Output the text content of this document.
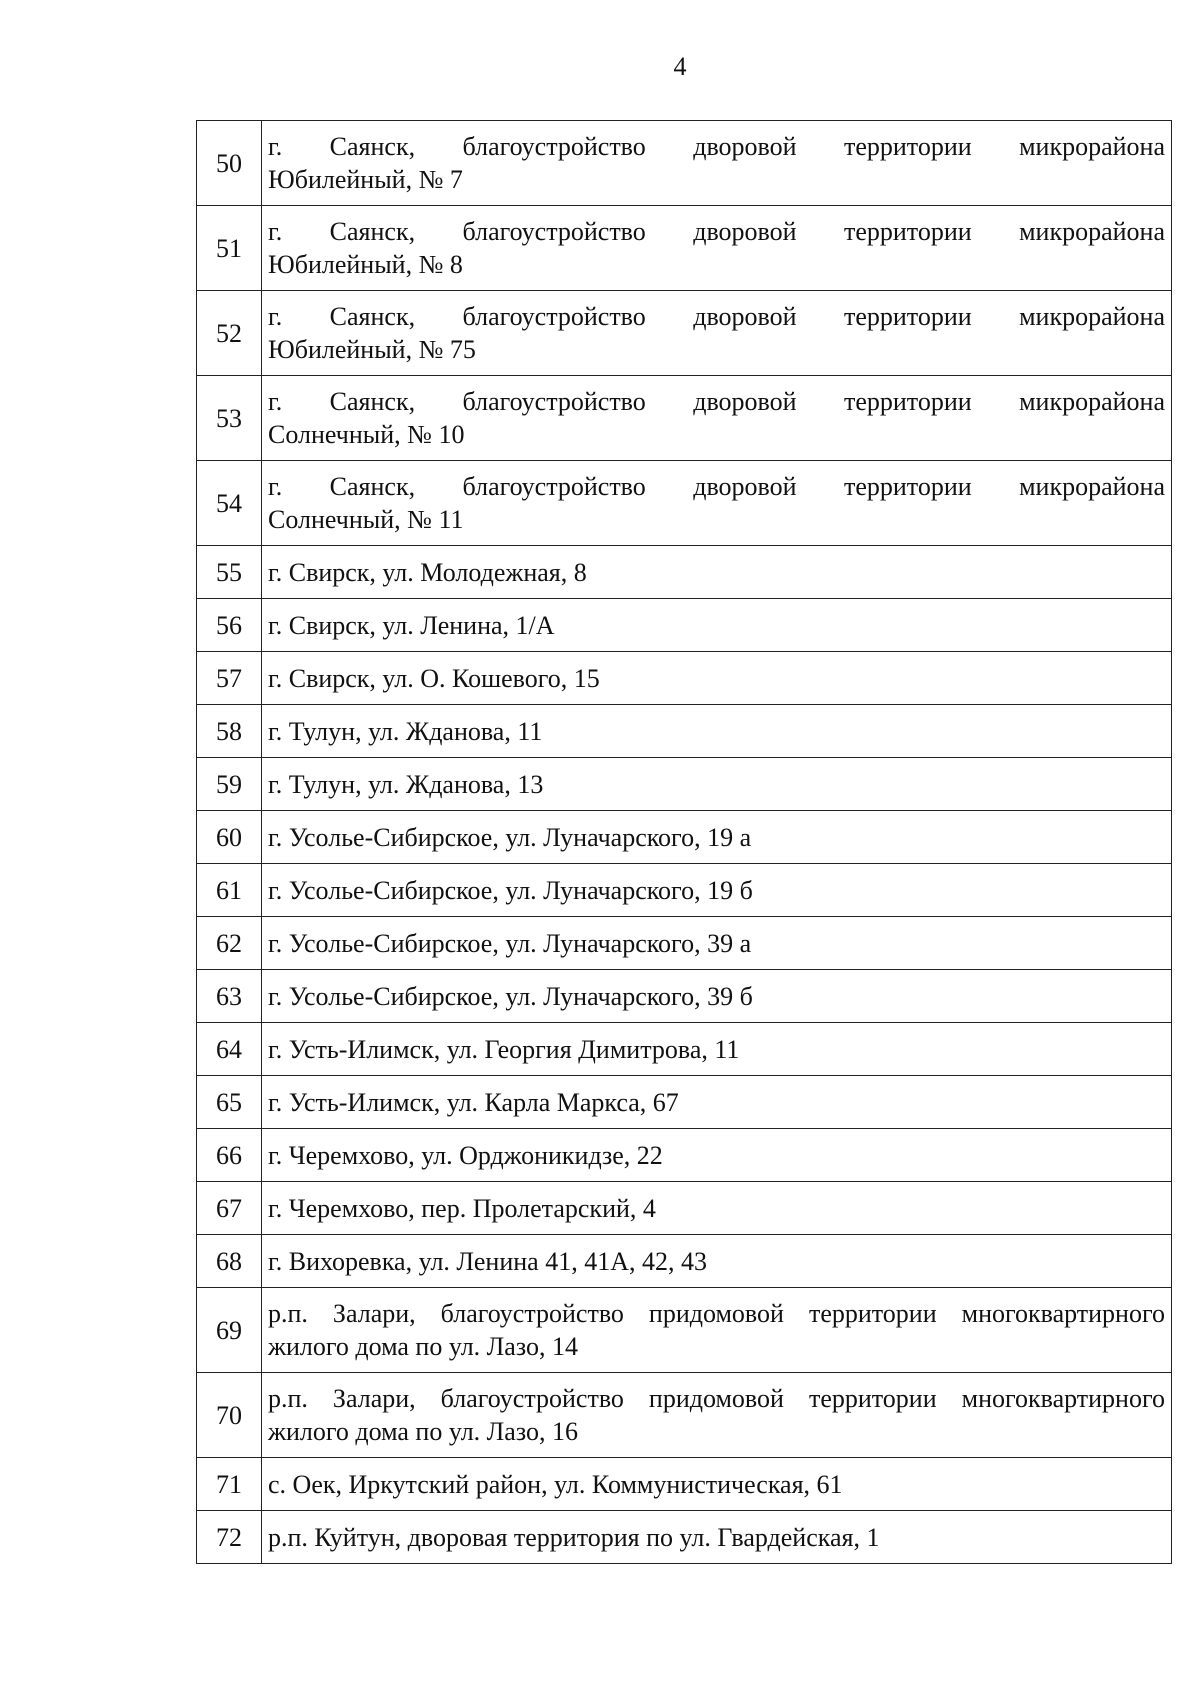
4
50	г. Саянск, благоустройство дворовой территории микрорайона
Юбилейный, № 7

51	г. Саянск, благоустройство дворовой территории микрорайона
Юбилейный, № 8

52	г. Саянск, благоустройство дворовой территории микрорайона
Юбилейный, № 75

53	г. Саянск, благоустройство дворовой территории микрорайона
Солнечный, № 10

54	г. Саянск, благоустройство дворовой территории микрорайона
Солнечный, № 11

55	г. Свирск, ул. Молодежная, 8
56	г. Свирск, ул. Ленина, 1/А
57	г. Свирск, ул. О. Кошевого, 15
58	г. Тулун, ул. Жданова, 11
59	г. Тулун, ул. Жданова, 13
60	г. Усолье-Сибирское, ул. Луначарского, 19 а
61	г. Усолье-Сибирское, ул. Луначарского, 19 б
62	г. Усолье-Сибирское, ул. Луначарского, 39 а
63	г. Усолье-Сибирское, ул. Луначарского, 39 б
64	г. Усть-Илимск, ул. Георгия Димитрова, 11
65	г. Усть-Илимск, ул. Карла Маркса, 67
66	г. Черемхово, ул. Орджоникидзе, 22
67	г. Черемхово, пер. Пролетарский, 4
68	г. Вихоревка, ул. Ленина 41, 41А, 42, 43
69	р.п. Залари, благоустройство придомовой территории многоквартирного
жилого дома по ул. Лазо, 14

70	р.п. Залари, благоустройство придомовой территории многоквартирного
жилого дома по ул. Лазо, 16

71	с. Оек, Иркутский район, ул. Коммунистическая, 61
72	р.п. Куйтун, дворовая территория по ул. Гвардейская, 1
